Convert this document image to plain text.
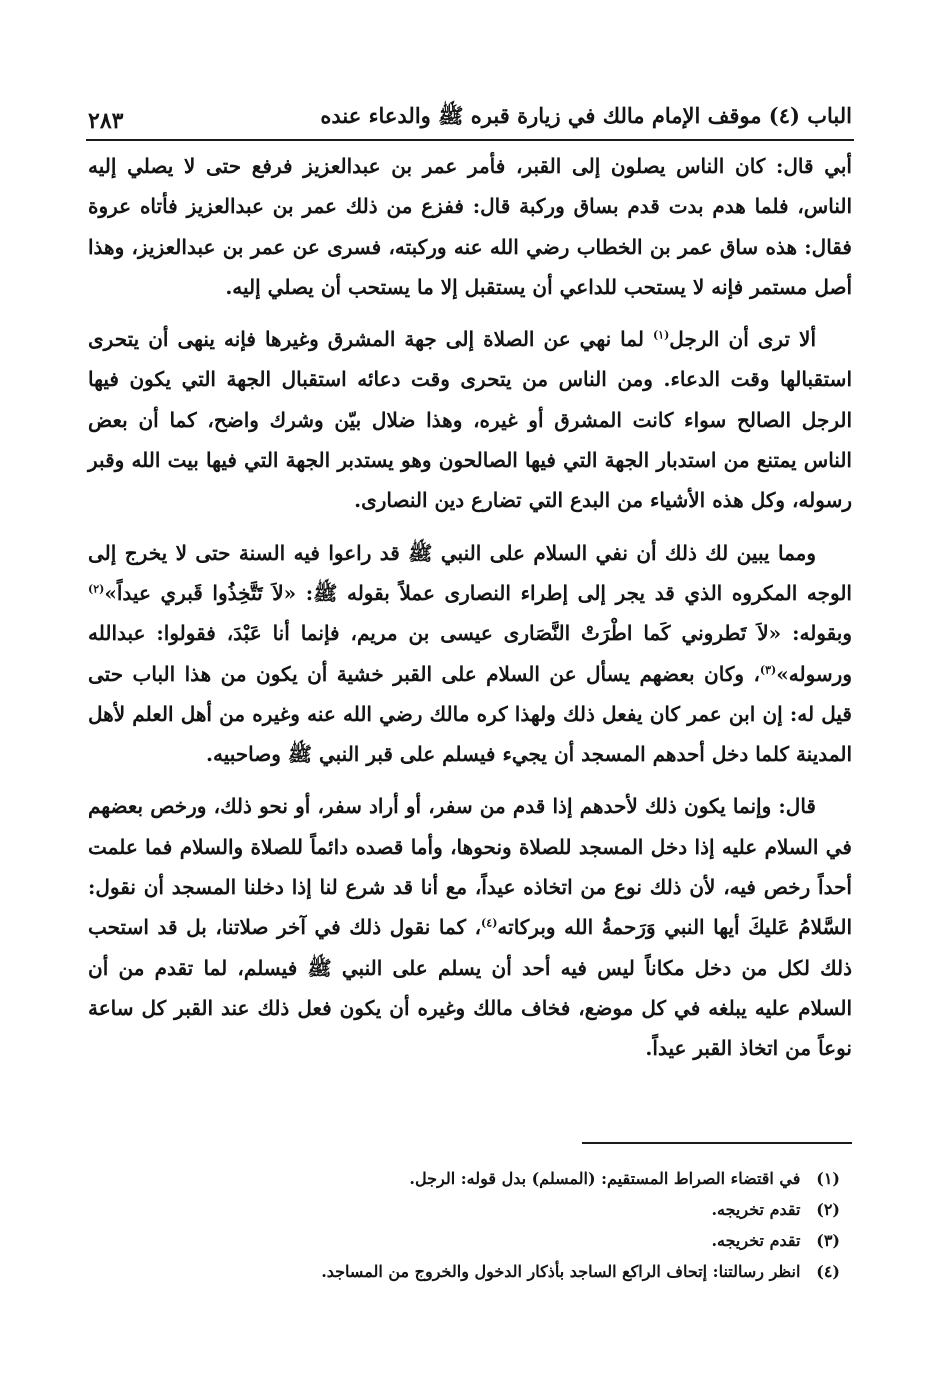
الباب (٤) موقف الإمام مالك في زيارة قبره ﷺ والدعاء عنده
٢٨٣

أبي قال: كان الناس يصلون إلى القبر، فأمر عمر بن عبدالعزيز فرفع حتى لا يصلي إليه الناس، فلما هدم بدت قدم بساق وركبة قال: ففزع من ذلك عمر بن عبدالعزيز فأتاه عروة فقال: هذه ساق عمر بن الخطاب رضي الله عنه وركبته، فسرى عن عمر بن عبدالعزيز، وهذا أصل مستمر فإنه لا يستحب للداعي أن يستقبل إلا ما يستحب أن يصلي إليه.

ألا ترى أن الرجل$^{(١)}$ لما نهي عن الصلاة إلى جهة المشرق وغيرها فإنه ينهى أن يتحرى استقبالها وقت الدعاء. ومن الناس من يتحرى وقت دعائه استقبال الجهة التي يكون فيها الرجل الصالح سواء كانت المشرق أو غيره، وهذا ضلال بيّن وشرك واضح، كما أن بعض الناس يمتنع من استدبار الجهة التي فيها الصالحون وهو يستدبر الجهة التي فيها بيت الله وقبر رسوله، وكل هذه الأشياء من البدع التي تضارع دين النصارى.

ومما يبين لك ذلك أن نفي السلام على النبي ﷺ قد راعوا فيه السنة حتى لا يخرج إلى الوجه المكروه الذي قد يجر إلى إطراء النصارى عملاً بقوله ﷺ: «لاَ تَتَّخِذُوا قَبري عيداً»$^{(٢)}$ وبقوله: «لاَ تَطروني كَما اطْرَتْ النَّصَارى عيسى بن مريم، فإنما أنا عَبْدَ، فقولوا: عبدالله ورسوله»$^{(٣)}$، وكان بعضهم يسأل عن السلام على القبر خشية أن يكون من هذا الباب حتى قيل له: إن ابن عمر كان يفعل ذلك ولهذا كره مالك رضي الله عنه وغيره من أهل العلم لأهل المدينة كلما دخل أحدهم المسجد أن يجيء فيسلم على قبر النبي ﷺ وصاحبيه.

قال: وإنما يكون ذلك لأحدهم إذا قدم من سفر، أو أراد سفر، أو نحو ذلك، ورخص بعضهم في السلام عليه إذا دخل المسجد للصلاة ونحوها، وأما قصده دائماً للصلاة والسلام فما علمت أحداً رخص فيه، لأن ذلك نوع من اتخاذه عيداً، مع أنا قد شرع لنا إذا دخلنا المسجد أن نقول: السَّلامُ عَليكَ أيها النبي وَرَحمةُ الله وبركاته$^{(٤)}$، كما نقول ذلك في آخر صلاتنا، بل قد استحب ذلك لكل من دخل مكاناً ليس فيه أحد أن يسلم على النبي ﷺ فيسلم، لما تقدم من أن السلام عليه يبلغه في كل موضع، فخاف مالك وغيره أن يكون فعل ذلك عند القبر كل ساعة نوعاً من اتخاذ القبر عيداً.

(١) في اقتضاء الصراط المستقيم: (المسلم) بدل قوله: الرجل.
(٢) تقدم تخريجه.
(٣) تقدم تخريجه.
(٤) انظر رسالتنا: إتحاف الراكع الساجد بأذكار الدخول والخروج من المساجد.
